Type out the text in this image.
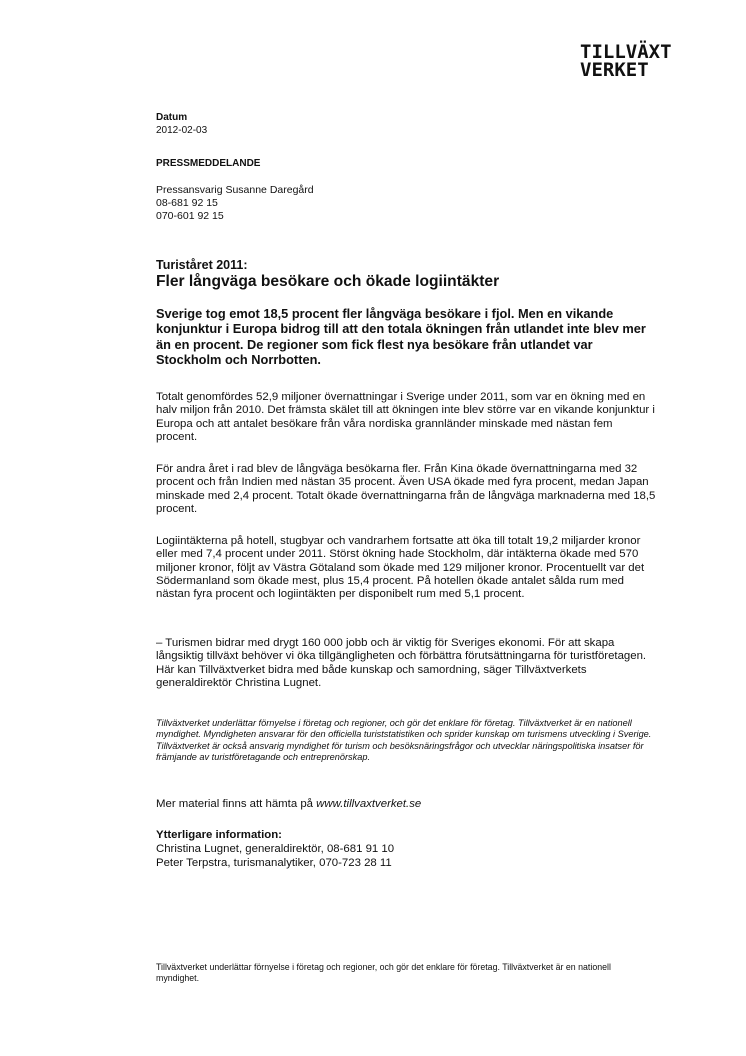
TILLVÄXT
VERKET
Datum
2012-02-03
PRESSMEDDELANDE
Pressansvarig Susanne Daregård
08-681 92 15
070-601 92 15
Turiståret 2011:
Fler långväga besökare och ökade logiintäkter

Sverige tog emot 18,5 procent fler långväga besökare i fjol. Men en vikande konjunktur i Europa bidrog till att den totala ökningen från utlandet inte blev mer än en procent. De regioner som fick flest nya besökare från utlandet var Stockholm och Norrbotten.

Totalt genomfördes 52,9 miljoner övernattningar i Sverige under 2011, som var en ökning med en halv miljon från 2010. Det främsta skälet till att ökningen inte blev större var en vikande konjunktur i Europa och att antalet besökare från våra nordiska grannländer minskade med nästan fem procent.

För andra året i rad blev de långväga besökarna fler. Från Kina ökade övernattningarna med 32 procent och från Indien med nästan 35 procent. Även USA ökade med fyra procent, medan Japan minskade med 2,4 procent. Totalt ökade övernattningarna från de långväga marknaderna med 18,5 procent.

Logiintäkterna på hotell, stugbyar och vandrarhem fortsatte att öka till totalt 19,2 miljarder kronor eller med 7,4 procent under 2011. Störst ökning hade Stockholm, där intäkterna ökade med 570 miljoner kronor, följt av Västra Götaland som ökade med 129 miljoner kronor. Procentuellt var det Södermanland som ökade mest, plus 15,4 procent. På hotellen ökade antalet sålda rum med nästan fyra procent och logiintäkten per disponibelt rum med 5,1 procent.

– Turismen bidrar med drygt 160 000 jobb och är viktig för Sveriges ekonomi. För att skapa långsiktig tillväxt behöver vi öka tillgängligheten och förbättra förutsättningarna för turistföretagen. Här kan Tillväxtverket bidra med både kunskap och samordning, säger Tillväxtverkets generaldirektör Christina Lugnet.

Tillväxtverket underlättar förnyelse i företag och regioner, och gör det enklare för företag. Tillväxtverket är en nationell myndighet. Myndigheten ansvarar för den officiella turiststatistiken och sprider kunskap om turismens utveckling i Sverige. Tillväxtverket är också ansvarig myndighet för turism och besöksnäringsfrågor och utvecklar näringspolitiska insatser för främjande av turistföretagande och entreprenörskap.

Mer material finns att hämta på www.tillvaxtverket.se

Ytterligare information:
Christina Lugnet, generaldirektör, 08-681 91 10
Peter Terpstra, turismanalytiker, 070-723 28 11

Tillväxtverket underlättar förnyelse i företag och regioner, och gör det enklare för företag. Tillväxtverket är en nationell myndighet.
